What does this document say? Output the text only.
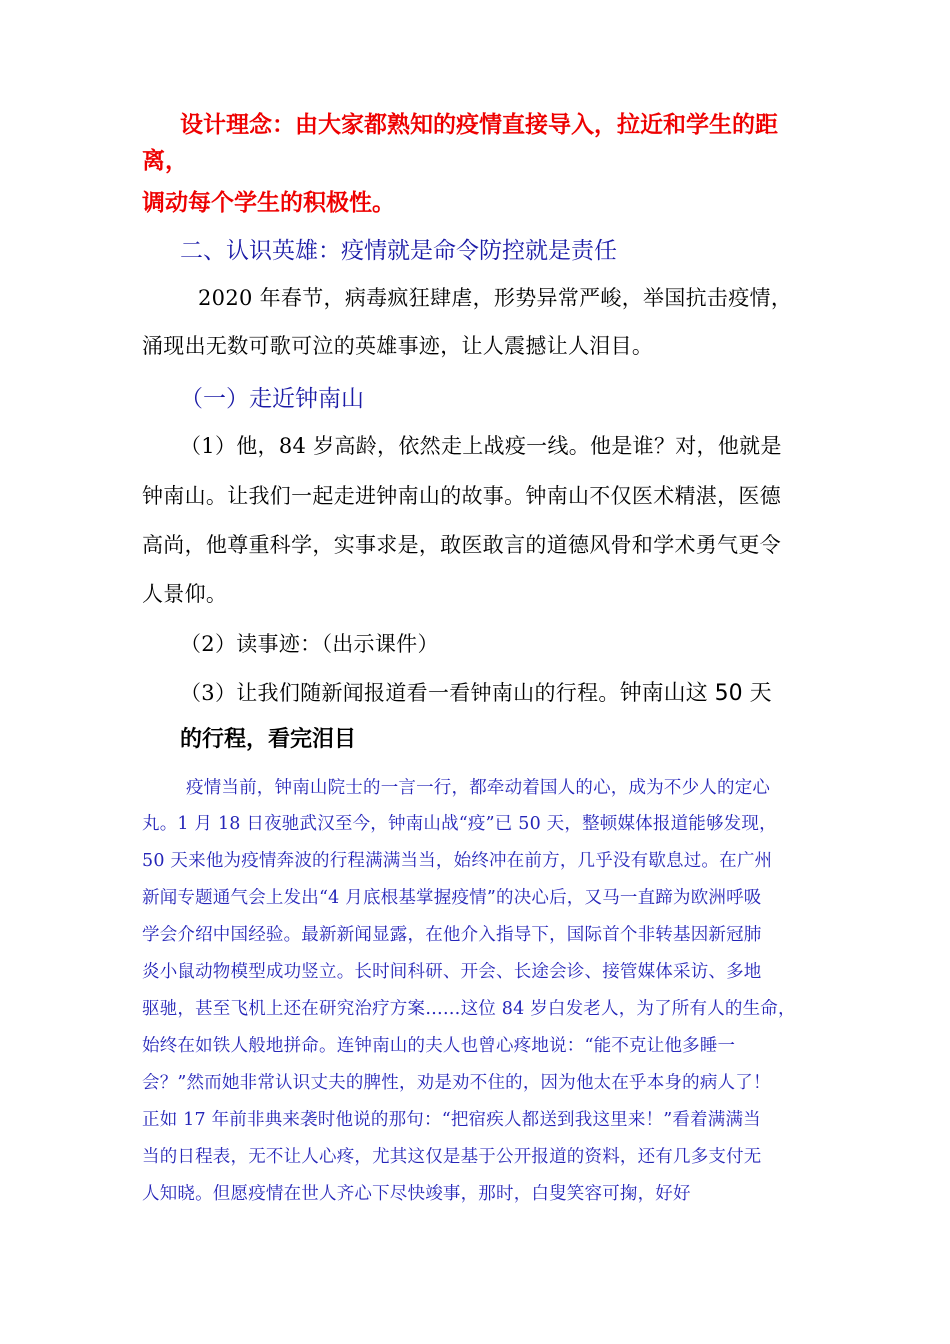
设计理念：由大家都熟知的疫情直接导入，拉近和学生的距
离，
调动每个学生的积极性。
二、认识英雄：疫情就是命令防控就是责任
2020 年春节，病毒疯狂肆虐，形势异常严峻，举国抗击疫情，
涌现出无数可歌可泣的英雄事迹，让人震撼让人泪目。
（一）走近钟南山
（1）他，84 岁高龄，依然走上战疫一线。他是谁？对，他就是
钟南山。让我们一起走进钟南山的故事。钟南山不仅医术精湛，医德
高尚，他尊重科学，实事求是，敢医敢言的道德风骨和学术勇气更令
人景仰。
（2）读事迹：（出示课件）
（3）让我们随新闻报道看一看钟南山的行程。钟南山这 50 天
的行程，看完泪目
疫情当前，钟南山院士的一言一行，都牵动着国人的心，成为不少人的定心
丸。1 月 18 日夜驰武汉至今，钟南山战“疫”已 50 天，整顿媒体报道能够发现，
50 天来他为疫情奔波的行程满满当当，始终冲在前方，几乎没有歇息过。在广州
新闻专题通气会上发出“4 月底根基掌握疫情”的决心后，又马一直蹄为欧洲呼吸
学会介绍中国经验。最新新闻显露，在他介入指导下，国际首个非转基因新冠肺
炎小鼠动物模型成功竖立。长时间科研、开会、长途会诊、接管媒体采访、多地
驱驰，甚至飞机上还在研究治疗方案……这位 84 岁白发老人，为了所有人的生命，
始终在如铁人般地拼命。连钟南山的夫人也曾心疼地说：“能不克让他多睡一
会？”然而她非常认识丈夫的脾性，劝是劝不住的，因为他太在乎本身的病人了！
正如 17 年前非典来袭时他说的那句：“把宿疾人都送到我这里来！”看着满满当
当的日程表，无不让人心疼，尤其这仅是基于公开报道的资料，还有几多支付无
人知晓。但愿疫情在世人齐心下尽快竣事，那时，白叟笑容可掬，好好
